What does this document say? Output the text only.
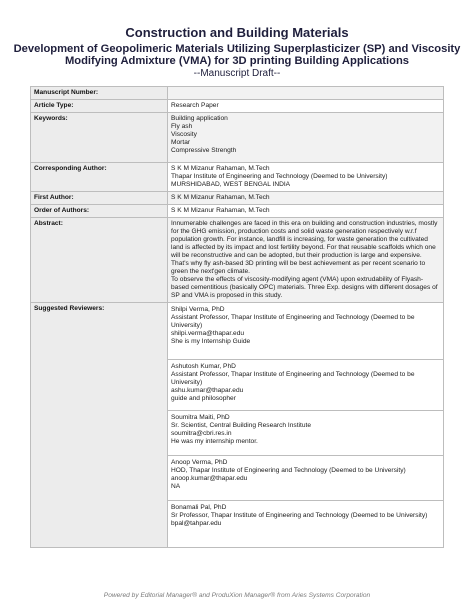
Construction and Building Materials
Development of Geopolimeric Materials Utilizing Superplasticizer (SP) and Viscosity
Modifying Admixture (VMA) for 3D printing Building Applications
--Manuscript Draft--
Manuscript Number:	
Article Type:	Research Paper
Keywords:	Building application
Fly ash
Viscosity
Mortar
Compressive Strength

Corresponding Author:	S K M Mizanur Rahaman, M.Tech
Thapar Institute of Engineering and Technology (Deemed to be University)
MURSHIDABAD, WEST BENGAL INDIA

First Author:	S K M Mizanur Rahaman, M.Tech
Order of Authors:	S K M Mizanur Rahaman, M.Tech
Abstract:	Innumerable challenges are faced in this era on building and construction industries, mostly for the GHG emission, production costs and solid waste generation respectively w.r.f population growth. For instance, landfill is increasing, for waste generation the cultivated land is affected by its impact and lost fertility beyond. For that reusable scaffolds which one will be reconstructive and can be adopted, but their production is large and expensive. That's why fly ash-based 3D printing will be best achievement as per recent scenario to green the next'gen climate.
To observe the effects of viscosity-modifying agent (VMA) upon extrudability of Flyash-based cementitious (basically OPC) materials. Three Exp. designs with different dosages of SP and VMA is proposed in this study.

Suggested Reviewers:	Shilpi Verma, PhD
Assistant Professor, Thapar Institute of Engineering and Technology (Deemed to be University)
shilpi.verma@thapar.edu
She is my Internship Guide

	Ashutosh Kumar, PhD
Assistant Professor, Thapar Institute of Engineering and Technology (Deemed to be University)
ashu.kumar@thapar.edu
guide and philosopher

	Soumitra Maiti, PhD
Sr. Scientist, Central Building Research Institute
soumitra@cbri.res.in
He was my internship mentor.

	Anoop Verma, PhD
HOD, Thapar Institute of Engineering and Technology (Deemed to be University)
anoop.kumar@thapar.edu
NA

	Bonamali Pal, PhD
Sr Professor, Thapar Institute of Engineering and Technology (Deemed to be University)
bpal@tahpar.edu
Powered by Editorial Manager® and ProduXion Manager® from Aries Systems Corporation
